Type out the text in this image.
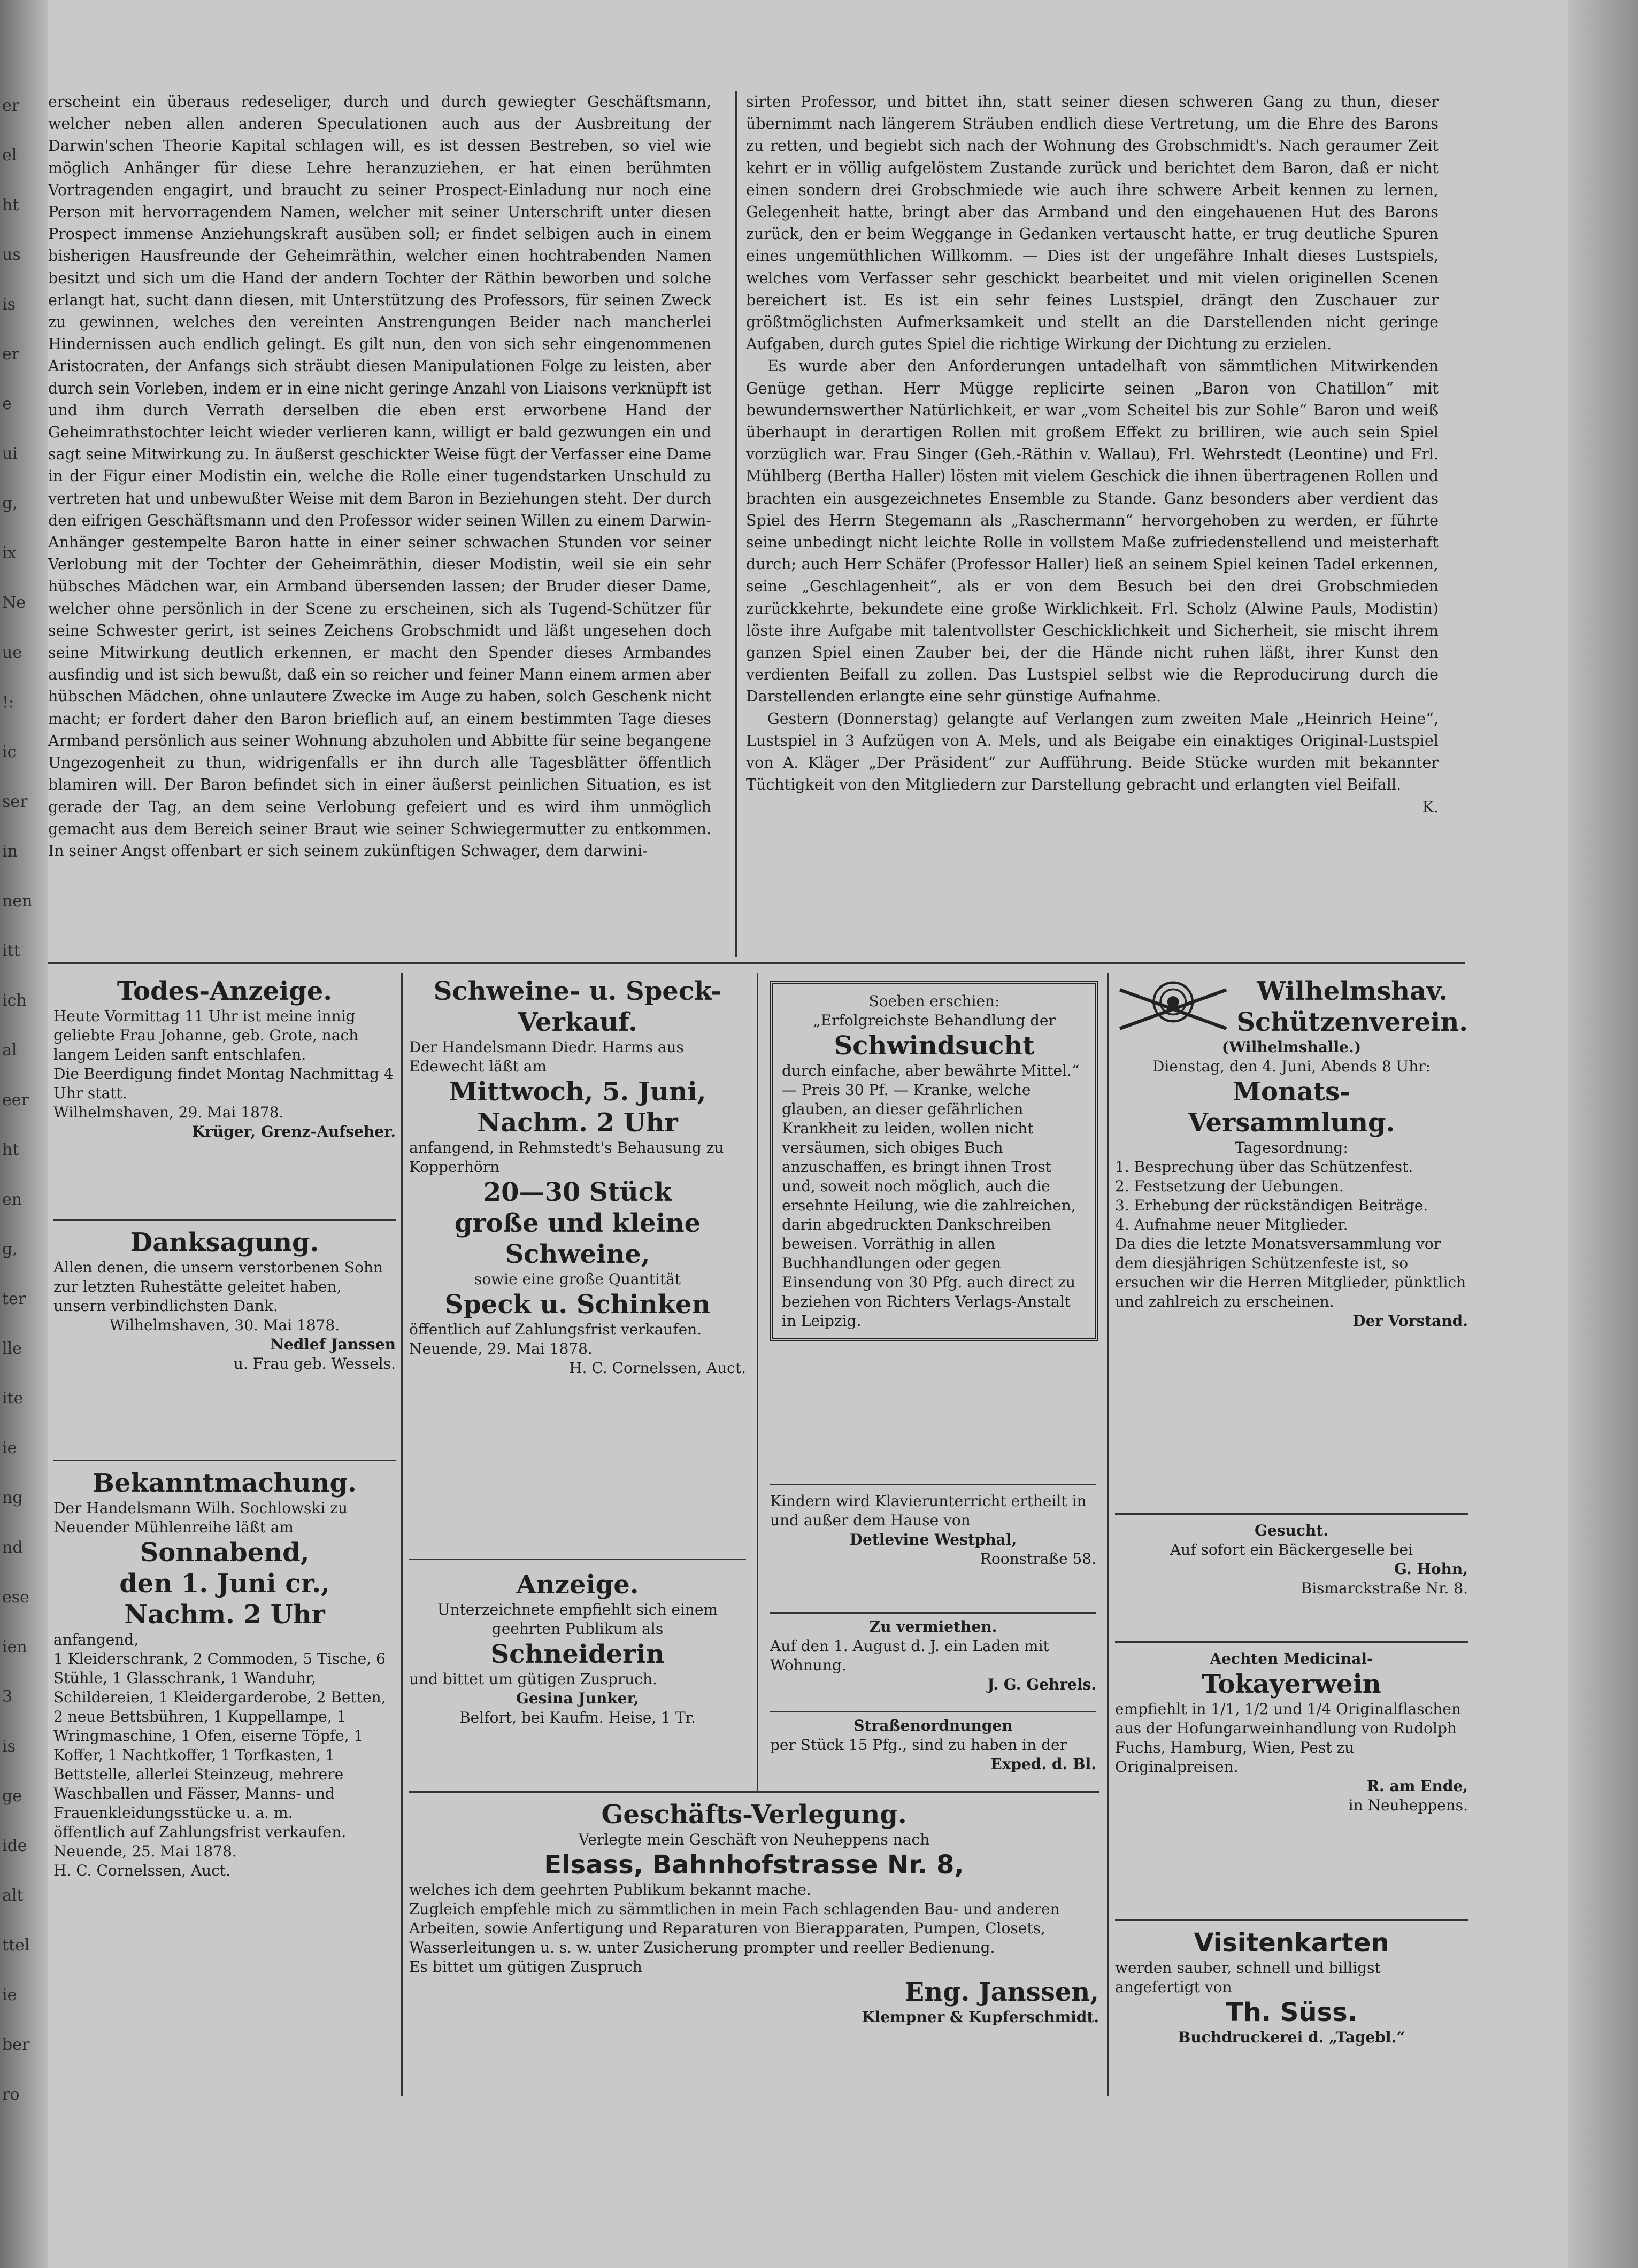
er
el
ht
us
is
er
e
ui
g,
ix
Ne
ue
!:
ic
ser
in
nen
itt
ich
al
eer
ht
en
g,
ter
lle
ite
ie
ng
nd
ese
ien
3
is
ge
ide
alt
ttel
ie
ber
ro

erscheint ein überaus redeseliger, durch und durch gewiegter Geschäftsmann, welcher neben allen anderen Speculationen auch aus der Ausbreitung der Darwin'schen Theorie Kapital schlagen will, es ist dessen Bestreben, so viel wie möglich Anhänger für diese Lehre heranzuziehen, er hat einen berühmten Vortragenden engagirt, und braucht zu seiner Prospect-Einladung nur noch eine Person mit hervorragendem Namen, welcher mit seiner Unterschrift unter diesen Prospect immense Anziehungskraft ausüben soll; er findet selbigen auch in einem bisherigen Hausfreunde der Geheimräthin, welcher einen hochtrabenden Namen besitzt und sich um die Hand der andern Tochter der Räthin beworben und solche erlangt hat, sucht dann diesen, mit Unterstützung des Professors, für seinen Zweck zu gewinnen, welches den vereinten Anstrengungen Beider nach mancherlei Hindernissen auch endlich gelingt. Es gilt nun, den von sich sehr eingenommenen Aristocraten, der Anfangs sich sträubt diesen Manipulationen Folge zu leisten, aber durch sein Vorleben, indem er in eine nicht geringe Anzahl von Liaisons verknüpft ist und ihm durch Verrath derselben die eben erst erworbene Hand der Geheimrathstochter leicht wieder verlieren kann, willigt er bald gezwungen ein und sagt seine Mitwirkung zu. In äußerst geschickter Weise fügt der Verfasser eine Dame in der Figur einer Modistin ein, welche die Rolle einer tugendstarken Unschuld zu vertreten hat und unbewußter Weise mit dem Baron in Beziehungen steht. Der durch den eifrigen Geschäftsmann und den Professor wider seinen Willen zu einem Darwin-Anhänger gestempelte Baron hatte in einer seiner schwachen Stunden vor seiner Verlobung mit der Tochter der Geheimräthin, dieser Modistin, weil sie ein sehr hübsches Mädchen war, ein Armband übersenden lassen; der Bruder dieser Dame, welcher ohne persönlich in der Scene zu erscheinen, sich als Tugend-Schützer für seine Schwester gerirt, ist seines Zeichens Grobschmidt und läßt ungesehen doch seine Mitwirkung deutlich erkennen, er macht den Spender dieses Armbandes ausfindig und ist sich bewußt, daß ein so reicher und feiner Mann einem armen aber hübschen Mädchen, ohne unlautere Zwecke im Auge zu haben, solch Geschenk nicht macht; er fordert daher den Baron brieflich auf, an einem bestimmten Tage dieses Armband persönlich aus seiner Wohnung abzuholen und Abbitte für seine begangene Ungezogenheit zu thun, widrigenfalls er ihn durch alle Tagesblätter öffentlich blamiren will. Der Baron befindet sich in einer äußerst peinlichen Situation, es ist gerade der Tag, an dem seine Verlobung gefeiert und es wird ihm unmöglich gemacht aus dem Bereich seiner Braut wie seiner Schwiegermutter zu entkommen. In seiner Angst offenbart er sich seinem zukünftigen Schwager, dem darwini-

sirten Professor, und bittet ihn, statt seiner diesen schweren Gang zu thun, dieser übernimmt nach längerem Sträuben endlich diese Vertretung, um die Ehre des Barons zu retten, und begiebt sich nach der Wohnung des Grobschmidt's. Nach geraumer Zeit kehrt er in völlig aufgelöstem Zustande zurück und berichtet dem Baron, daß er nicht einen sondern drei Grobschmiede wie auch ihre schwere Arbeit kennen zu lernen, Gelegenheit hatte, bringt aber das Armband und den eingehauenen Hut des Barons zurück, den er beim Weggange in Gedanken vertauscht hatte, er trug deutliche Spuren eines ungemüthlichen Willkomm. — Dies ist der ungefähre Inhalt dieses Lustspiels, welches vom Verfasser sehr geschickt bearbeitet und mit vielen originellen Scenen bereichert ist. Es ist ein sehr feines Lustspiel, drängt den Zuschauer zur größtmöglichsten Aufmerksamkeit und stellt an die Darstellenden nicht geringe Aufgaben, durch gutes Spiel die richtige Wirkung der Dichtung zu erzielen.

Es wurde aber den Anforderungen untadelhaft von sämmtlichen Mitwirkenden Genüge gethan. Herr Mügge replicirte seinen „Baron von Chatillon“ mit bewundernswerther Natürlichkeit, er war „vom Scheitel bis zur Sohle“ Baron und weiß überhaupt in derartigen Rollen mit großem Effekt zu brilliren, wie auch sein Spiel vorzüglich war. Frau Singer (Geh.-Räthin v. Wallau), Frl. Wehrstedt (Leontine) und Frl. Mühlberg (Bertha Haller) lösten mit vielem Geschick die ihnen übertragenen Rollen und brachten ein ausgezeichnetes Ensemble zu Stande. Ganz besonders aber verdient das Spiel des Herrn Stegemann als „Raschermann“ hervorgehoben zu werden, er führte seine unbedingt nicht leichte Rolle in vollstem Maße zufriedenstellend und meisterhaft durch; auch Herr Schäfer (Professor Haller) ließ an seinem Spiel keinen Tadel erkennen, seine „Geschlagenheit“, als er von dem Besuch bei den drei Grobschmieden zurückkehrte, bekundete eine große Wirklichkeit. Frl. Scholz (Alwine Pauls, Modistin) löste ihre Aufgabe mit talentvollster Geschicklichkeit und Sicherheit, sie mischt ihrem ganzen Spiel einen Zauber bei, der die Hände nicht ruhen läßt, ihrer Kunst den verdienten Beifall zu zollen. Das Lustspiel selbst wie die Reproducirung durch die Darstellenden erlangte eine sehr günstige Aufnahme.

Gestern (Donnerstag) gelangte auf Verlangen zum zweiten Male „Heinrich Heine“, Lustspiel in 3 Aufzügen von A. Mels, und als Beigabe ein einaktiges Original-Lustspiel von A. Kläger „Der Präsident“ zur Aufführung. Beide Stücke wurden mit bekannter Tüchtigkeit von den Mitgliedern zur Darstellung gebracht und erlangten viel Beifall.

K.
Todes-Anzeige.
Heute Vormittag 11 Uhr ist meine innig geliebte Frau Johanne, geb. Grote, nach langem Leiden sanft entschlafen.
Die Beerdigung findet Montag Nachmittag 4 Uhr statt.
Wilhelmshaven, 29. Mai 1878.
Krüger, Grenz-Aufseher.
Danksagung.
Allen denen, die unsern verstorbenen Sohn zur letzten Ruhestätte geleitet haben, unsern verbindlichsten Dank.
Wilhelmshaven, 30. Mai 1878.
Nedlef Janssen
u. Frau geb. Wessels.
Bekanntmachung.
Der Handelsmann Wilh. Sochlowski zu Neuender Mühlenreihe läßt am
Sonnabend,
den 1. Juni cr.,
Nachm. 2 Uhr
anfangend,
1 Kleiderschrank, 2 Commoden, 5 Tische, 6 Stühle, 1 Glasschrank, 1 Wanduhr, Schildereien, 1 Kleidergarderobe, 2 Betten, 2 neue Bettsbühren, 1 Kuppellampe, 1 Wringmaschine, 1 Ofen, eiserne Töpfe, 1 Koffer, 1 Nachtkoffer, 1 Torfkasten, 1 Bettstelle, allerlei Steinzeug, mehrere Waschballen und Fässer, Manns- und Frauenkleidungsstücke u. a. m.
öffentlich auf Zahlungsfrist verkaufen.
Neuende, 25. Mai 1878.
H. C. Cornelssen, Auct.
Schweine- u. Speck-
Verkauf.
Der Handelsmann Diedr. Harms aus Edewecht läßt am
Mittwoch, 5. Juni,
Nachm. 2 Uhr
anfangend, in Rehmstedt's Behausung zu Kopperhörn
20—30 Stück
große und kleine
Schweine,
sowie eine große Quantität
Speck u. Schinken
öffentlich auf Zahlungsfrist verkaufen.
Neuende, 29. Mai 1878.
H. C. Cornelssen, Auct.
Anzeige.
Unterzeichnete empfiehlt sich einem geehrten Publikum als
Schneiderin
und bittet um gütigen Zuspruch.
Gesina Junker,
Belfort, bei Kaufm. Heise, 1 Tr.
Soeben erschien:
„Erfolgreichste Behandlung der
Schwindsucht
durch einfache, aber bewährte Mittel.“ — Preis 30 Pf. — Kranke, welche glauben, an dieser gefährlichen Krankheit zu leiden, wollen nicht versäumen, sich obiges Buch anzuschaffen, es bringt ihnen Trost und, soweit noch möglich, auch die ersehnte Heilung, wie die zahlreichen, darin abgedruckten Dankschreiben beweisen. Vorräthig in allen Buchhandlungen oder gegen Einsendung von 30 Pfg. auch direct zu beziehen von Richters Verlags-Anstalt in Leipzig.
Kindern wird Klavierunterricht ertheilt in und außer dem Hause von
Detlevine Westphal,
Roonstraße 58.
Zu vermiethen.
Auf den 1. August d. J. ein Laden mit Wohnung.
J. G. Gehrels.
Straßenordnungen
per Stück 15 Pfg., sind zu haben in der
Exped. d. Bl.
Geschäfts-Verlegung.
Verlegte mein Geschäft von Neuheppens nach
Elsass, Bahnhofstrasse Nr. 8,
welches ich dem geehrten Publikum bekannt mache.
Zugleich empfehle mich zu sämmtlichen in mein Fach schlagenden Bau- und anderen Arbeiten, sowie Anfertigung und Reparaturen von Bierapparaten, Pumpen, Closets, Wasserleitungen u. s. w. unter Zusicherung prompter und reeller Bedienung.
Es bittet um gütigen Zuspruch
Eng. Janssen,
Klempner & Kupferschmidt.
Wilhelmshav.
Schützenverein.
(Wilhelmshalle.)
Dienstag, den 4. Juni, Abends 8 Uhr:
Monats-
Versammlung.
Tagesordnung:
1. Besprechung über das Schützenfest.
2. Festsetzung der Uebungen.
3. Erhebung der rückständigen Beiträge.
4. Aufnahme neuer Mitglieder.
Da dies die letzte Monatsversammlung vor dem diesjährigen Schützenfeste ist, so ersuchen wir die Herren Mitglieder, pünktlich und zahlreich zu erscheinen.
Der Vorstand.
Gesucht.
Auf sofort ein Bäckergeselle bei
G. Hohn,
Bismarckstraße Nr. 8.
Aechten Medicinal-
Tokayerwein
empfiehlt in 1/1, 1/2 und 1/4 Originalflaschen aus der Hofungarweinhandlung von Rudolph Fuchs, Hamburg, Wien, Pest zu Originalpreisen.
R. am Ende,
in Neuheppens.
Visitenkarten
werden sauber, schnell und billigst angefertigt von
Th. Süss.
Buchdruckerei d. „Tagebl.“
